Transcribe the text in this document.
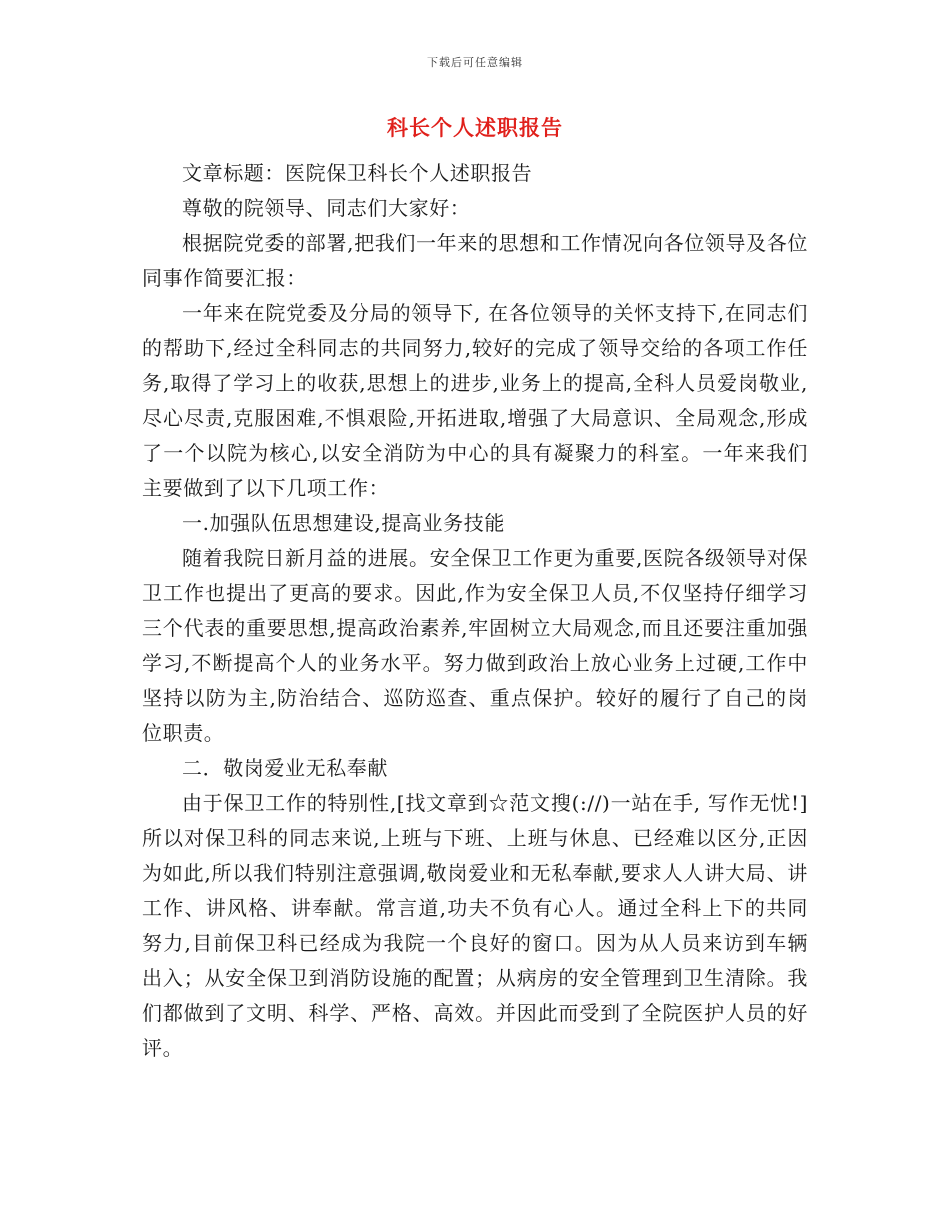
下载后可任意编辑
科长个人述职报告

文章标题：医院保卫科长个人述职报告

尊敬的院领导、同志们大家好：

根据院党委的部署,把我们一年来的思想和工作情况向各位领导及各位同事作简要汇报：

一年来在院党委及分局的领导下, 在各位领导的关怀支持下,在同志们的帮助下,经过全科同志的共同努力,较好的完成了领导交给的各项工作任务,取得了学习上的收获,思想上的进步,业务上的提高,全科人员爱岗敬业,尽心尽责,克服困难,不惧艰险,开拓进取,增强了大局意识、全局观念,形成了一个以院为核心,以安全消防为中心的具有凝聚力的科室。一年来我们主要做到了以下几项工作：

一.加强队伍思想建设,提高业务技能

随着我院日新月益的进展。安全保卫工作更为重要,医院各级领导对保卫工作也提出了更高的要求。因此,作为安全保卫人员,不仅坚持仔细学习三个代表的重要思想,提高政治素养,牢固树立大局观念,而且还要注重加强学习,不断提高个人的业务水平。努力做到政治上放心业务上过硬,工作中坚持以防为主,防治结合、巡防巡查、重点保护。较好的履行了自己的岗位职责。

二．敬岗爱业无私奉献

由于保卫工作的特别性,[找文章到☆范文搜(://)一站在手, 写作无忧!]所以对保卫科的同志来说,上班与下班、上班与休息、已经难以区分,正因为如此,所以我们特别注意强调,敬岗爱业和无私奉献,要求人人讲大局、讲工作、讲风格、讲奉献。常言道,功夫不负有心人。通过全科上下的共同努力,目前保卫科已经成为我院一个良好的窗口。因为从人员来访到车辆出入；从安全保卫到消防设施的配置；从病房的安全管理到卫生清除。我们都做到了文明、科学、严格、高效。并因此而受到了全院医护人员的好评。
